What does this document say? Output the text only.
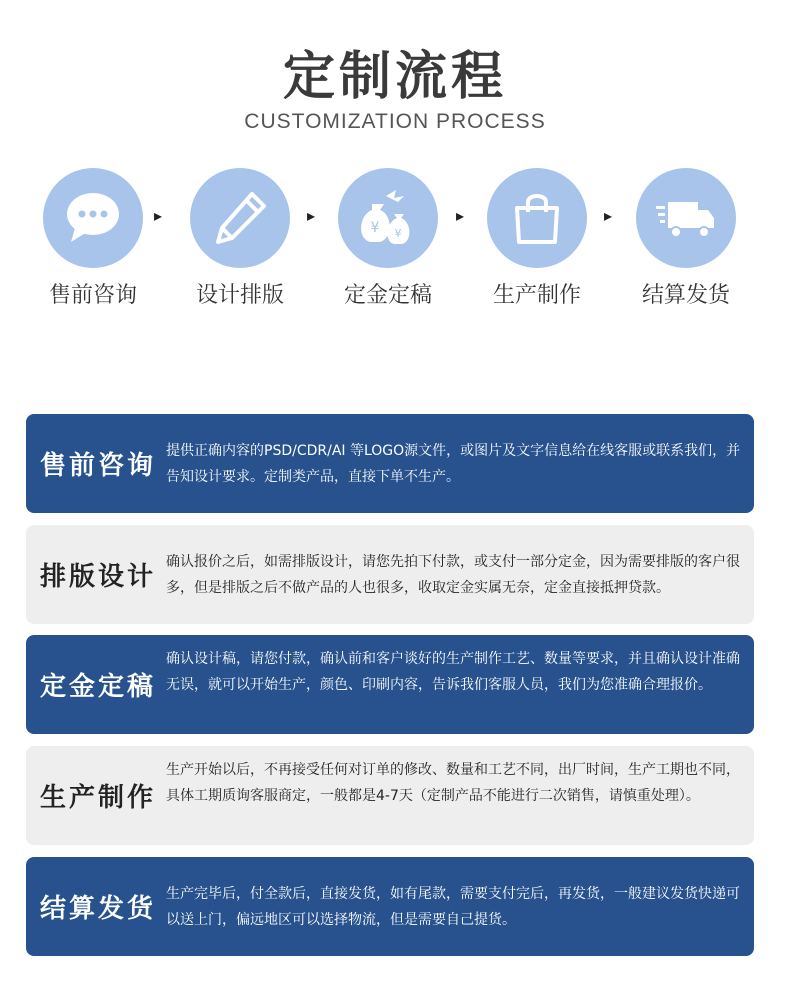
定制流程
CUSTOMIZATION PROCESS
售前咨询
▸
设计排版
▸
¥ ¥
定金定稿
▸
生产制作
▸
结算发货
售前咨询 提供正确内容的PSD/CDR/AI 等LOGO源文件，或图片及文字信息给在线客服或联系我们，并告知设计要求。定制类产品，直接下单不生产。
排版设计 确认报价之后，如需排版设计，请您先拍下付款，或支付一部分定金，因为需要排版的客户很多，但是排版之后不做产品的人也很多，收取定金实属无奈，定金直接抵押贷款。
定金定稿
确认设计稿，请您付款，确认前和客户谈好的生产制作工艺、数量等要求，并且确认设计准确无误，就可以开始生产，颜色、印刷内容，告诉我们客服人员，我们为您准确合理报价。
生产制作
生产开始以后，不再接受任何对订单的修改、数量和工艺不同，出厂时间，生产工期也不同，具体工期质询客服商定，一般都是4-7天（定制产品不能进行二次销售，请慎重处理）。
结算发货 生产完毕后，付全款后，直接发货，如有尾款，需要支付完后，再发货，一般建议发货快递可以送上门，偏远地区可以选择物流，但是需要自己提货。
